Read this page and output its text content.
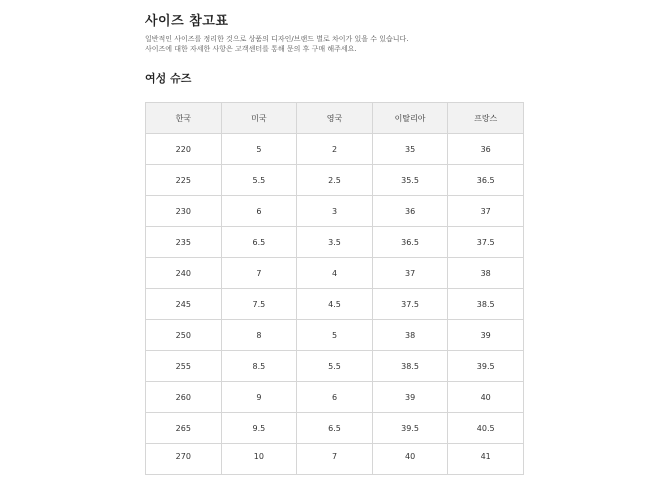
사이즈 참고표
일반적인 사이즈를 정리한 것으로 상품의 디자인/브랜드 별로 차이가 있을 수 있습니다.
사이즈에 대한 자세한 사항은 고객센터를 통해 문의 후 구매 해주세요.
여성 슈즈
한국	미국	영국	이탈리아	프랑스
220	5	2	35	36
225	5.5	2.5	35.5	36.5
230	6	3	36	37
235	6.5	3.5	36.5	37.5
240	7	4	37	38
245	7.5	4.5	37.5	38.5
250	8	5	38	39
255	8.5	5.5	38.5	39.5
260	9	6	39	40
265	9.5	6.5	39.5	40.5
270	10	7	40	41
